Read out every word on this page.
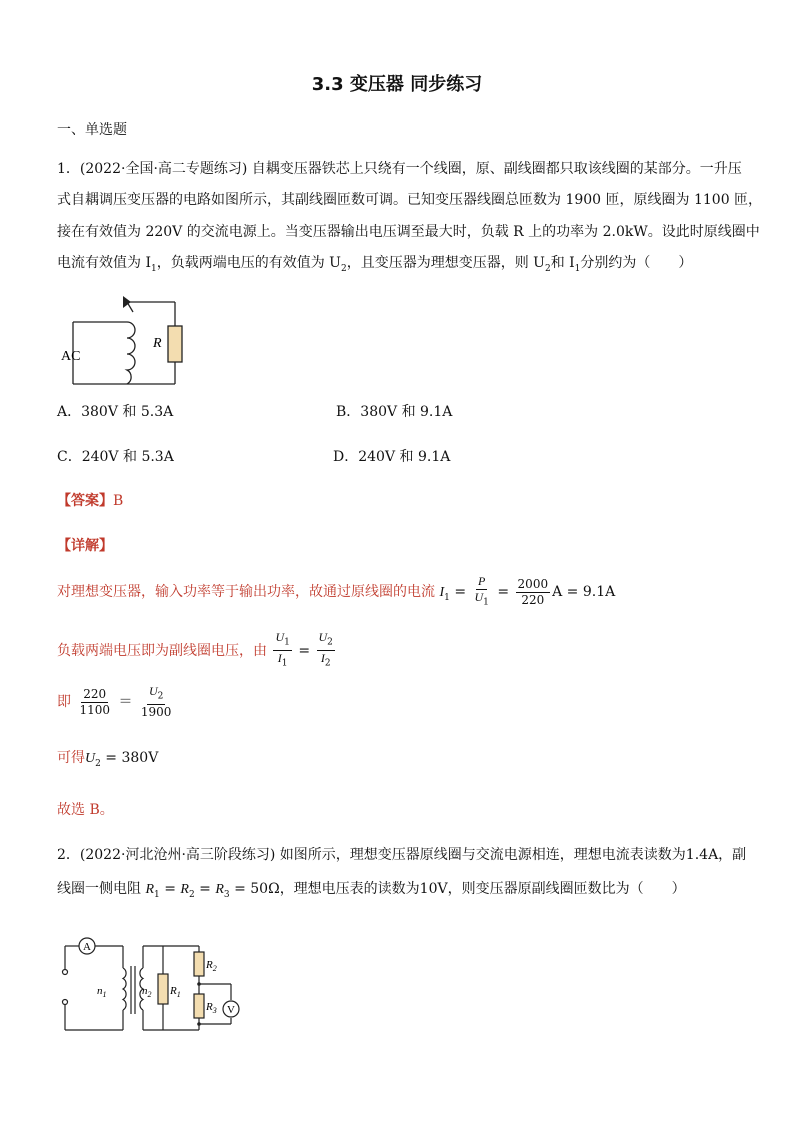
3.3 变压器 同步练习
一、单选题
1．(2022·全国·高二专题练习) 自耦变压器铁芯上只绕有一个线圈，原、副线圈都只取该线圈的某部分。一升压
式自耦调压变压器的电路如图所示，其副线圈匝数可调。已知变压器线圈总匝数为 1900 匝，原线圈为 1100 匝，
接在有效值为 220V 的交流电源上。当变压器输出电压调至最大时，负载 R 上的功率为 2.0kW。设此时原线圈中
电流有效值为 $I_1$，负载两端电压的有效值为 $U_2$，且变压器为理想变压器，则 $U_2$和 $I_1$分别约为（　　）
R
AC
A．380V 和 5.3A	B．380V 和 9.1A
C．240V 和 5.3A	D．240V 和 9.1A
【答案】B
【详解】
对理想变压器，输入功率等于输出功率，故通过原线圈的电流 $I_1 = \frac{P}{U_1} = \frac{2000}{220}$ A = 9.1A
负载两端电压即为副线圈电压，由 $\frac{U_1}{I_1} = \frac{U_2}{I_2}$
即 $\frac{220}{1100} = \frac{U_2}{1900}$
可得$U_2 = 380V$
故选 B。
2．(2022·河北沧州·高三阶段练习) 如图所示，理想变压器原线圈与交流电源相连，理想电流表读数为1.4A，副
线圈一侧电阻 $R_1 = R_2 = R_3 = 50\Omega$，理想电压表的读数为10V，则变压器原副线圈匝数比为（　　）
A
V
$n_1$	$n_2$ $R_1$
$R_2$
$R_3$
